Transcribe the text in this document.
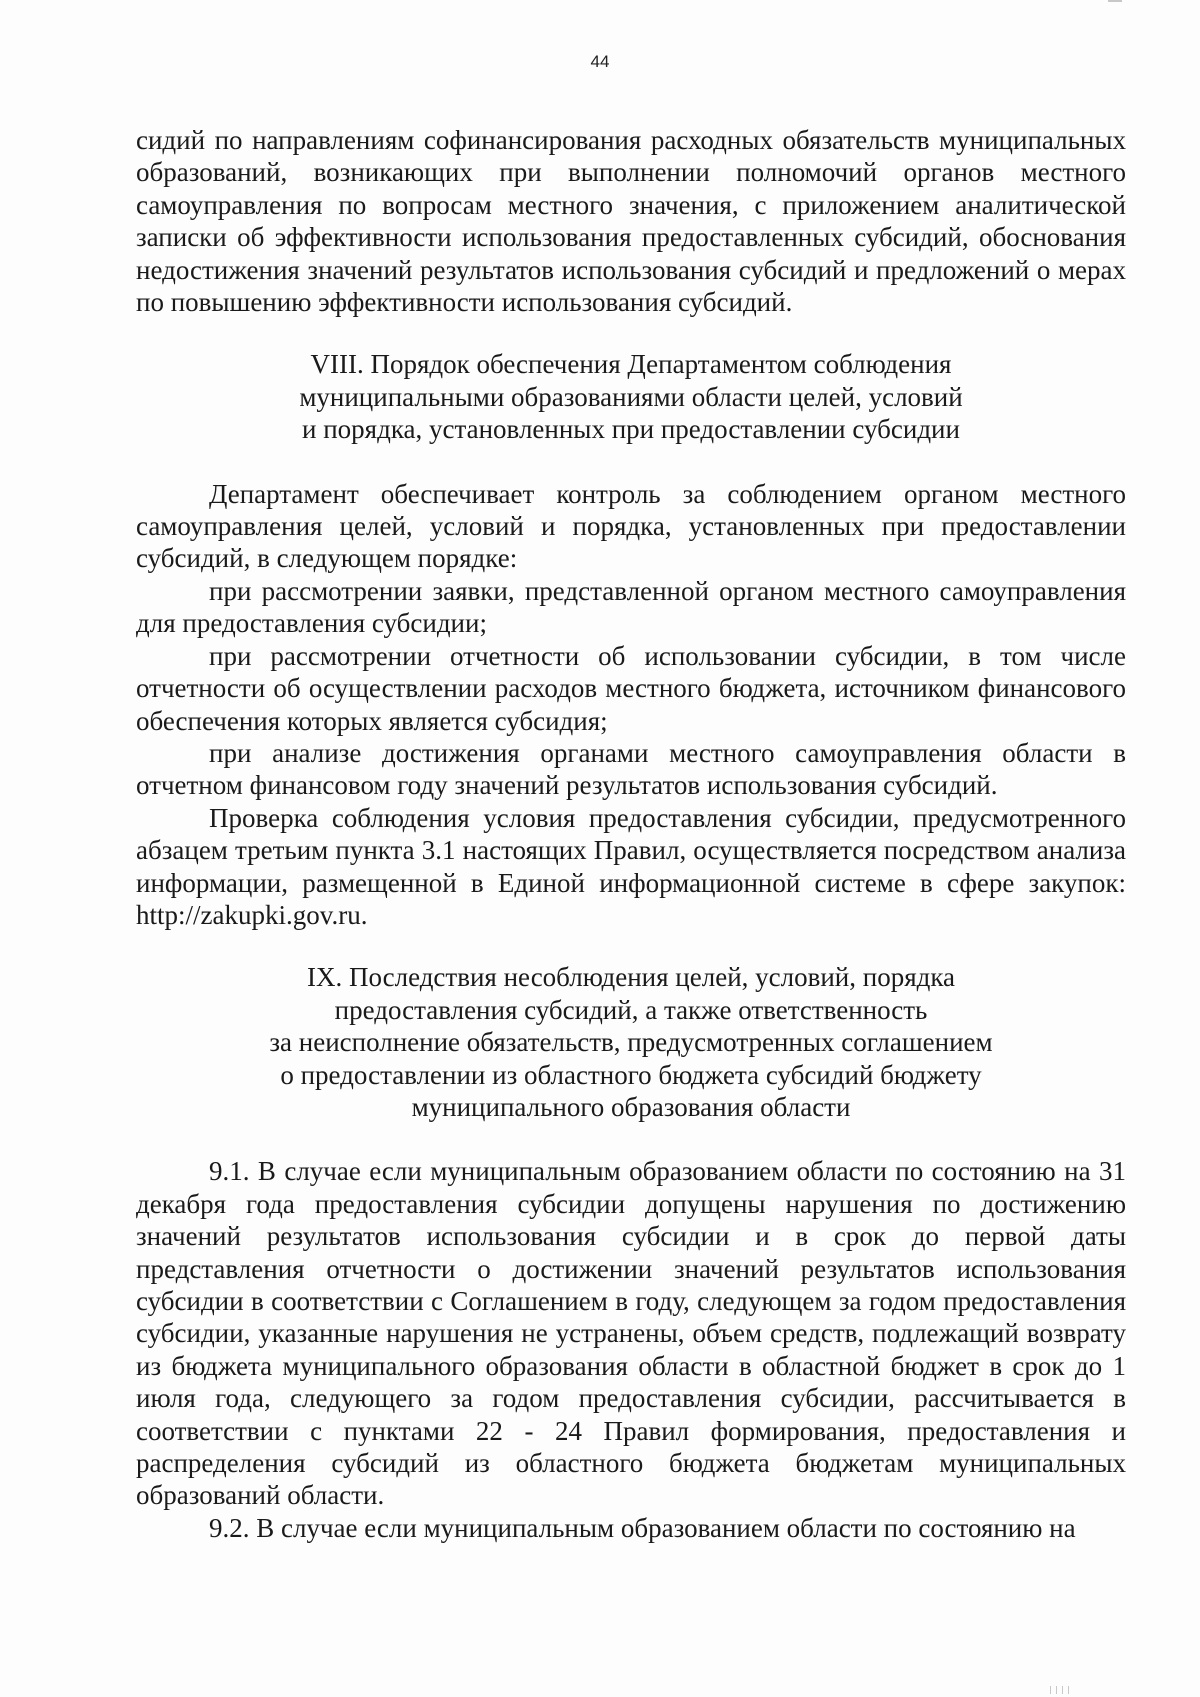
44

сидий по направлениям софинансирования расходных обязательств муниципальных образований, возникающих при выполнении полномочий органов местного самоуправления по вопросам местного значения, с приложением аналитической записки об эффективности использования предоставленных субсидий, обоснования недостижения значений результатов использования субсидий и предложений о мерах по повышению эффективности использования субсидий.

VIII. Порядок обеспечения Департаментом соблюдения
муниципальными образованиями области целей, условий
и порядка, установленных при предоставлении субсидии

Департамент обеспечивает контроль за соблюдением органом местного самоуправления целей, условий и порядка, установленных при предоставлении субсидий, в следующем порядке:

при рассмотрении заявки, представленной органом местного самоуправления для предоставления субсидии;

при рассмотрении отчетности об использовании субсидии, в том числе отчетности об осуществлении расходов местного бюджета, источником финансового обеспечения которых является субсидия;

при анализе достижения органами местного самоуправления области в отчетном финансовом году значений результатов использования субсидий.

Проверка соблюдения условия предоставления субсидии, предусмотренного абзацем третьим пункта 3.1 настоящих Правил, осуществляется посредством анализа информации, размещенной в Единой информационной системе в сфере закупок: http://zakupki.gov.ru.

IX. Последствия несоблюдения целей, условий, порядка
предоставления субсидий, а также ответственность
за неисполнение обязательств, предусмотренных соглашением
о предоставлении из областного бюджета субсидий бюджету
муниципального образования области

9.1. В случае если муниципальным образованием области по состоянию на 31 декабря года предоставления субсидии допущены нарушения по достижению значений результатов использования субсидии и в срок до первой даты представления отчетности о достижении значений результатов использования субсидии в соответствии с Соглашением в году, следующем за годом предоставления субсидии, указанные нарушения не устранены, объем средств, подлежащий возврату из бюджета муниципального образования области в областной бюджет в срок до 1 июля года, следующего за годом предоставления субсидии, рассчитывается в соответствии с пунктами 22 - 24 Правил формирования, предоставления и распределения субсидий из областного бюджета бюджетам муниципальных образований области.

9.2. В случае если муниципальным образованием области по состоянию на
